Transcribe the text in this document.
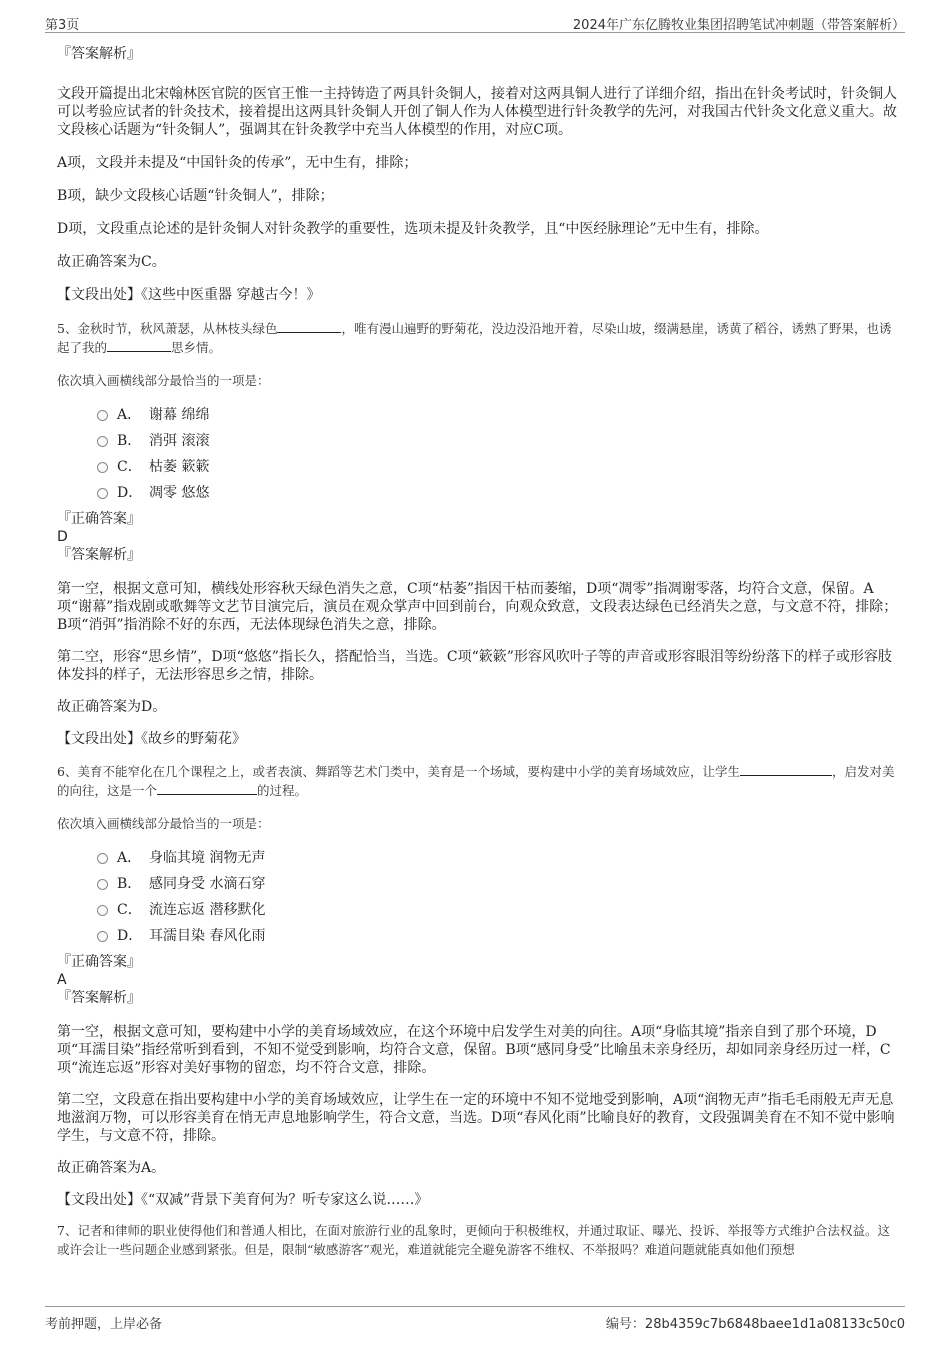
第3页	2024年广东亿腾牧业集团招聘笔试冲刺题（带答案解析）

『答案解析』

文段开篇提出北宋翰林医官院的医官王惟一主持铸造了两具针灸铜人，接着对这两具铜人进行了详细介绍，指出在针灸考试时，针灸铜人可以考验应试者的针灸技术，接着提出这两具针灸铜人开创了铜人作为人体模型进行针灸教学的先河，对我国古代针灸文化意义重大。故文段核心话题为“针灸铜人”，强调其在针灸教学中充当人体模型的作用，对应C项。

A项，文段并未提及“中国针灸的传承”，无中生有，排除；

B项，缺少文段核心话题“针灸铜人”，排除；

D项，文段重点论述的是针灸铜人对针灸教学的重要性，选项未提及针灸教学，且“中医经脉理论”无中生有，排除。

故正确答案为C。

【文段出处】《这些中医重器 穿越古今！》

5、金秋时节，秋风萧瑟，从林枝头绿色	，唯有漫山遍野的野菊花，没边没沿地开着，尽染山坡，缀满悬崖，诱黄了稻谷，诱熟了野果，也诱起了我的	思乡情。

依次填入画横线部分最恰当的一项是：

A． 谢幕 绵绵
B． 消弭 滚滚
C． 枯萎 簌簌
D． 凋零 悠悠

『正确答案』

D

『答案解析』

第一空，根据文意可知，横线处形容秋天绿色消失之意，C项“枯萎”指因干枯而萎缩，D项“凋零”指凋谢零落，均符合文意，保留。A项“谢幕”指戏剧或歌舞等文艺节目演完后，演员在观众掌声中回到前台，向观众致意，文段表达绿色已经消失之意，与文意不符，排除；B项“消弭”指消除不好的东西，无法体现绿色消失之意，排除。

第二空，形容“思乡情”，D项“悠悠”指长久，搭配恰当，当选。C项“簌簌”形容风吹叶子等的声音或形容眼泪等纷纷落下的样子或形容肢体发抖的样子，无法形容思乡之情，排除。

故正确答案为D。

【文段出处】《故乡的野菊花》

6、美育不能窄化在几个课程之上，或者表演、舞蹈等艺术门类中，美育是一个场域，要构建中小学的美育场域效应，让学生	，启发对美的向往，这是一个	的过程。

依次填入画横线部分最恰当的一项是：

A． 身临其境 润物无声
B． 感同身受 水滴石穿
C． 流连忘返 潜移默化
D． 耳濡目染 春风化雨

『正确答案』

A

『答案解析』

第一空，根据文意可知，要构建中小学的美育场域效应，在这个环境中启发学生对美的向往。A项“身临其境”指亲自到了那个环境，D项“耳濡目染”指经常听到看到，不知不觉受到影响，均符合文意，保留。B项“感同身受”比喻虽未亲身经历，却如同亲身经历过一样，C项“流连忘返”形容对美好事物的留恋，均不符合文意，排除。

第二空，文段意在指出要构建中小学的美育场域效应，让学生在一定的环境中不知不觉地受到影响，A项“润物无声”指毛毛雨般无声无息地滋润万物，可以形容美育在悄无声息地影响学生，符合文意，当选。D项“春风化雨”比喻良好的教育，文段强调美育在不知不觉中影响学生，与文意不符，排除。

故正确答案为A。

【文段出处】《“双减”背景下美育何为？听专家这么说……》

7、记者和律师的职业使得他们和普通人相比，在面对旅游行业的乱象时，更倾向于积极维权，并通过取证、曝光、投诉、举报等方式维护合法权益。这或许会让一些问题企业感到紧张。但是，限制“敏感游客”观光，难道就能完全避免游客不维权、不举报吗？难道问题就能真如他们预想

考前押题，上岸必备	编号：28b4359c7b6848baee1d1a08133c50c0
